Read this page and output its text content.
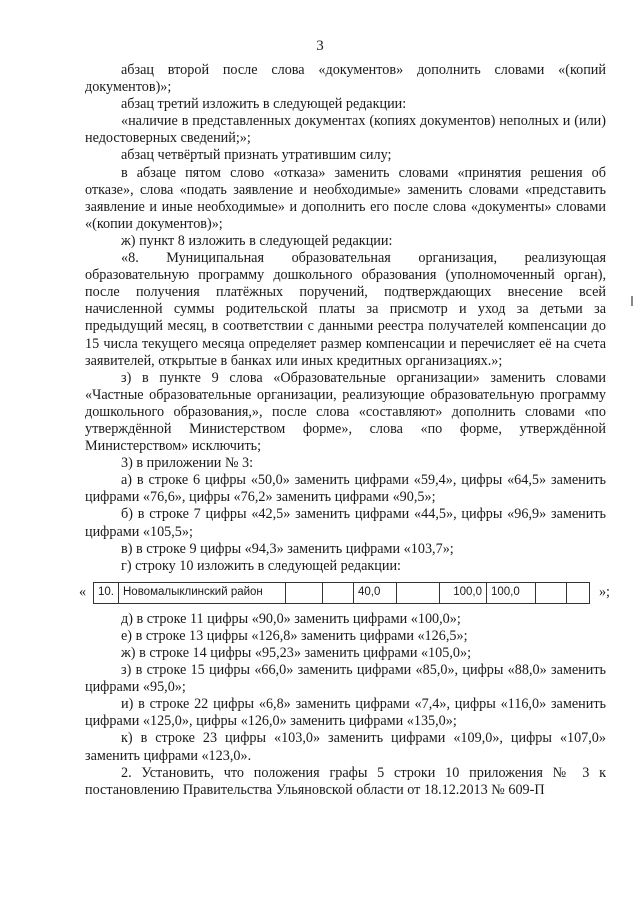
3

абзац второй после слова «документов» дополнить словами «(копий документов)»;

абзац третий изложить в следующей редакции:

«наличие в представленных документах (копиях документов) неполных и (или) недостоверных сведений;»;

абзац четвёртый признать утратившим силу;

в абзаце пятом слово «отказа» заменить словами «принятия решения об отказе», слова «подать заявление и необходимые» заменить словами «представить заявление и иные необходимые» и дополнить его после слова «документы» словами «(копии документов)»;

ж) пункт 8 изложить в следующей редакции:

«8. Муниципальная образовательная организация, реализующая образовательную программу дошкольного образования (уполномоченный орган), после получения платёжных поручений, подтверждающих внесение всей начисленной суммы родительской платы за присмотр и уход за детьми за предыдущий месяц, в соответствии с данными реестра получателей компенсации до 15 числа текущего месяца определяет размер компенсации и перечисляет её на счета заявителей, открытые в банках или иных кредитных организациях.»;

з) в пункте 9 слова «Образовательные организации» заменить словами «Частные образовательные организации, реализующие образовательную программу дошкольного образования,», после слова «составляют» дополнить словами «по утверждённой Министерством форме», слова «по форме, утверждённой Министерством» исключить;

3) в приложении № 3:

а) в строке 6 цифры «50,0» заменить цифрами «59,4», цифры «64,5» заменить цифрами «76,6», цифры «76,2» заменить цифрами «90,5»;

б) в строке 7 цифры «42,5» заменить цифрами «44,5», цифры «96,9» заменить цифрами «105,5»;

в) в строке 9 цифры «94,3» заменить цифрами «103,7»;

г) строку 10 изложить в следующей редакции:

«	10.	Новомалыклинский район			40,0		100,0	100,0			»;

д) в строке 11 цифры «90,0» заменить цифрами «100,0»;

е) в строке 13 цифры «126,8» заменить цифрами «126,5»;

ж) в строке 14 цифры «95,23» заменить цифрами «105,0»;

з) в строке 15 цифры «66,0» заменить цифрами «85,0», цифры «88,0» заменить цифрами «95,0»;

и) в строке 22 цифры «6,8» заменить цифрами «7,4», цифры «116,0» заменить цифрами «125,0», цифры «126,0» заменить цифрами «135,0»;

к) в строке 23 цифры «103,0» заменить цифрами «109,0», цифры «107,0» заменить цифрами «123,0».

2. Установить, что положения графы 5 строки 10 приложения № 3 к постановлению Правительства Ульяновской области от 18.12.2013 № 609-П
